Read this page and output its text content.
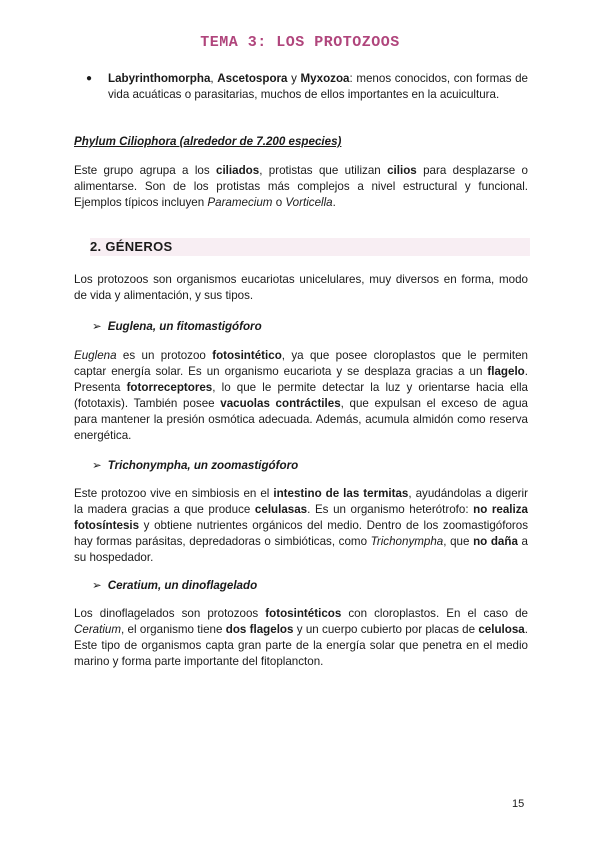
TEMA 3: LOS PROTOZOOS
●	Labyrinthomorpha, Ascetospora y Myxozoa: menos conocidos, con formas de vida acuáticas o parasitarias, muchos de ellos importantes en la acuicultura.
Phylum Ciliophora (alrededor de 7.200 especies)
Este grupo agrupa a los ciliados, protistas que utilizan cilios para desplazarse o alimentarse. Son de los protistas más complejos a nivel estructural y funcional. Ejemplos típicos incluyen Paramecium o Vorticella.
2. GÉNEROS
Los protozoos son organismos eucariotas unicelulares, muy diversos en forma, modo de vida y alimentación, y sus tipos.
➢ Euglena, un fitomastigóforo
Euglena es un protozoo fotosintético, ya que posee cloroplastos que le permiten captar energía solar. Es un organismo eucariota y se desplaza gracias a un flagelo. Presenta fotorreceptores, lo que le permite detectar la luz y orientarse hacia ella (fototaxis). También posee vacuolas contráctiles, que expulsan el exceso de agua para mantener la presión osmótica adecuada. Además, acumula almidón como reserva energética.
➢ Trichonympha, un zoomastigóforo
Este protozoo vive en simbiosis en el intestino de las termitas, ayudándolas a digerir la madera gracias a que produce celulasas. Es un organismo heterótrofo: no realiza fotosíntesis y obtiene nutrientes orgánicos del medio. Dentro de los zoomastigóforos hay formas parásitas, depredadoras o simbióticas, como Trichonympha, que no daña a su hospedador.
➢ Ceratium, un dinoflagelado
Los dinoflagelados son protozoos fotosintéticos con cloroplastos. En el caso de Ceratium, el organismo tiene dos flagelos y un cuerpo cubierto por placas de celulosa. Este tipo de organismos capta gran parte de la energía solar que penetra en el medio marino y forma parte importante del fitoplancton.
15
